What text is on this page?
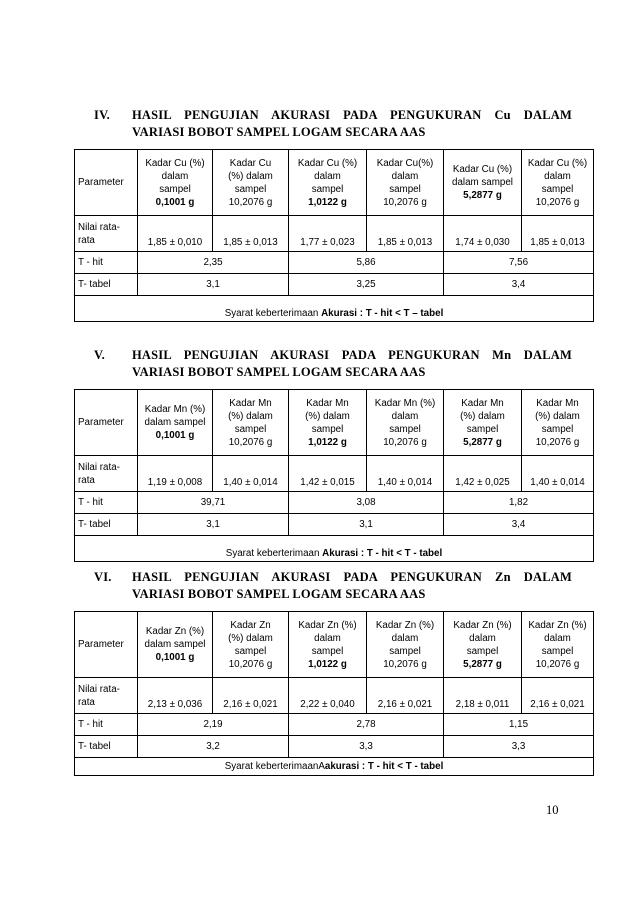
IV. HASIL PENGUJIAN AKURASI PADA PENGUKURAN Cu DALAM
VARIASI BOBOT SAMPEL LOGAM SECARA AAS
Parameter	Kadar Cu (%)
dalam
sampel
0,1001 g	Kadar Cu
(%) dalam
sampel
10,2076 g	Kadar Cu (%)
dalam
sampel
1,0122 g	Kadar Cu(%)
dalam
sampel
10,2076 g	Kadar Cu (%)
dalam sampel
5,2877 g	Kadar Cu (%)
dalam
sampel
10,2076 g
Nilai rata-
rata	1,85 ± 0,010	1,85 ± 0,013	1,77 ± 0,023	1,85 ± 0,013	1,74 ± 0,030	1,85 ± 0,013
T - hit	2,35		5,86		7,56	
T- tabel	3,1		3,25		3,4	
Syarat keberterimaan Akurasi : T - hit < T – tabel						
V. HASIL PENGUJIAN AKURASI PADA PENGUKURAN Mn DALAM
VARIASI BOBOT SAMPEL LOGAM SECARA AAS
Parameter	Kadar Mn (%)
dalam sampel
0,1001 g	Kadar Mn
(%) dalam
sampel
10,2076 g	Kadar Mn
(%) dalam
sampel
1,0122 g	Kadar Mn (%)
dalam
sampel
10,2076 g	Kadar Mn
(%) dalam
sampel
5,2877 g	Kadar Mn
(%) dalam
sampel
10,2076 g
Nilai rata-
rata	1,19 ± 0,008	1,40 ± 0,014	1,42 ± 0,015	1,40 ± 0,014	1,42 ± 0,025	1,40 ± 0,014
T - hit	39,71		3,08		1,82	
T- tabel	3,1		3,1		3,4	
Syarat keberterimaan Akurasi : T - hit < T - tabel						
VI. HASIL PENGUJIAN AKURASI PADA PENGUKURAN Zn DALAM
VARIASI BOBOT SAMPEL LOGAM SECARA AAS
Parameter	Kadar Zn (%)
dalam sampel
0,1001 g	Kadar Zn
(%) dalam
sampel
10,2076 g	Kadar Zn (%)
dalam
sampel
1,0122 g	Kadar Zn (%)
dalam
sampel
10,2076 g	Kadar Zn (%)
dalam
sampel
5,2877 g	Kadar Zn (%)
dalam
sampel
10,2076 g
Nilai rata-
rata	2,13 ± 0,036	2,16 ± 0,021	2,22 ± 0,040	2,16 ± 0,021	2,18 ± 0,011	2,16 ± 0,021
T - hit	2,19		2,78		1,15	
T- tabel	3,2		3,3		3,3	
Syarat keberterimaanAakurasi : T - hit < T - tabel						
10
